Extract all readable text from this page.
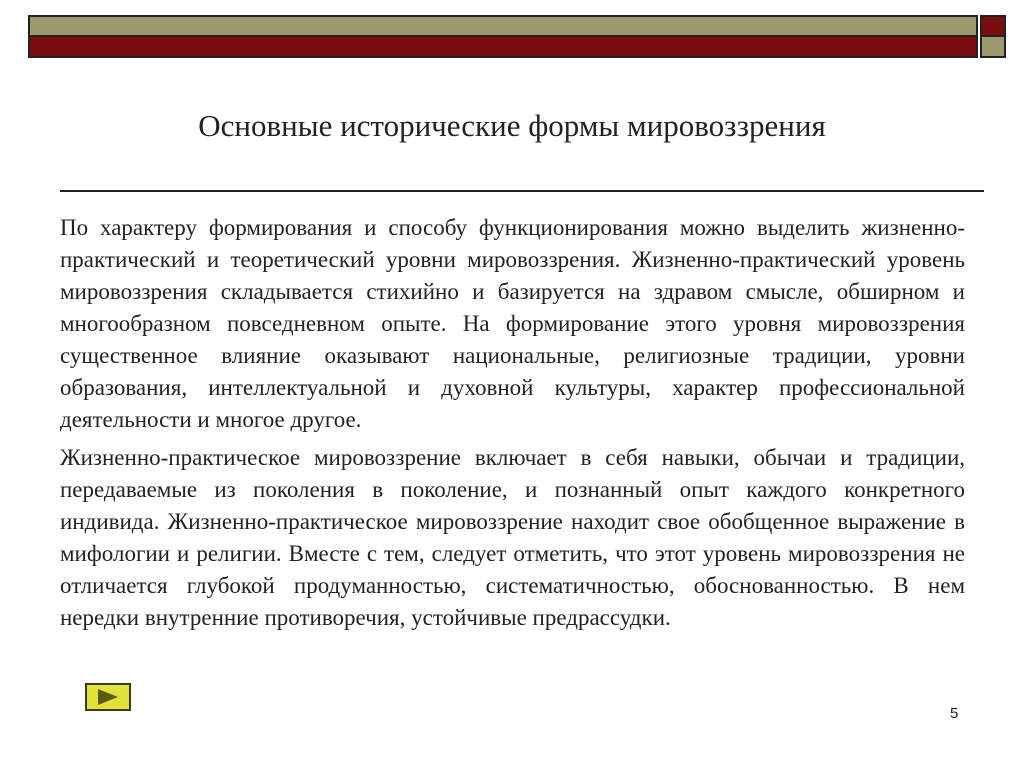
Основные исторические формы мировоззрения

По характеру формирования и способу функционирования можно выделить жизненно-практический и теоретический уровни мировоззрения. Жизненно-практический уровень мировоззрения складывается стихийно и базируется на здравом смысле, обширном и многообразном повседневном опыте. На формирование этого уровня мировоззрения существенное влияние оказывают национальные, религиозные традиции, уровни образования, интеллектуальной и духовной культуры, характер профессиональной деятельности и многое другое.

Жизненно-практическое мировоззрение включает в себя навыки, обычаи и традиции, передаваемые из поколения в поколение, и познанный опыт каждого конкретного индивида. Жизненно-практическое мировоззрение находит свое обобщенное выражение в мифологии и религии. Вместе с тем, следует отметить, что этот уровень мировоззрения не отличается глубокой продуманностью, систематичностью, обоснованностью. В нем нередки внутренние противоречия, устойчивые предрассудки.

5
